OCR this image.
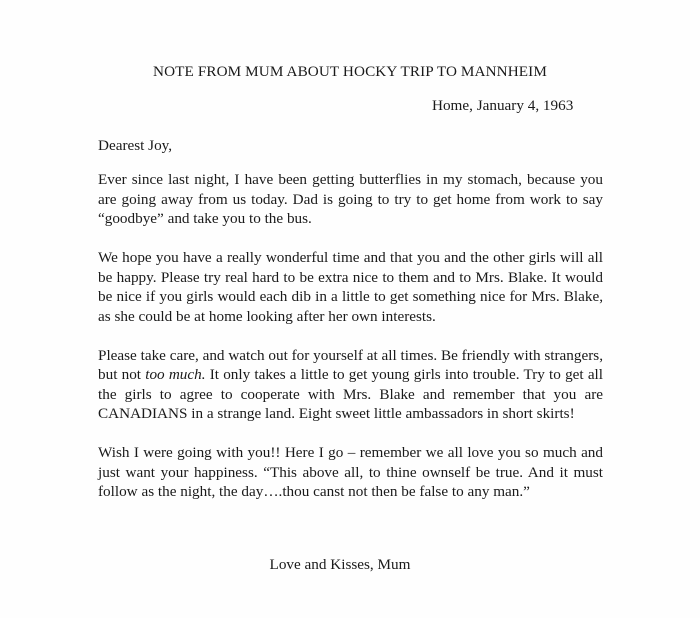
NOTE FROM MUM ABOUT HOCKY TRIP TO MANNHEIM
Home, January 4, 1963
Dearest Joy,

Ever since last night, I have been getting butterflies in my stomach, because you are going away from us today. Dad is going to try to get home from work to say “goodbye” and take you to the bus.

We hope you have a really wonderful time and that you and the other girls will all be happy. Please try real hard to be extra nice to them and to Mrs. Blake. It would be nice if you girls would each dib in a little to get something nice for Mrs. Blake, as she could be at home looking after her own interests.

Please take care, and watch out for yourself at all times. Be friendly with strangers, but not too much. It only takes a little to get young girls into trouble. Try to get all the girls to agree to cooperate with Mrs. Blake and remember that you are CANADIANS in a strange land. Eight sweet little ambassadors in short skirts!

Wish I were going with you!! Here I go – remember we all love you so much and just want your happiness. “This above all, to thine ownself be true. And it must follow as the night, the day….thou canst not then be false to any man.”

Love and Kisses, Mum
